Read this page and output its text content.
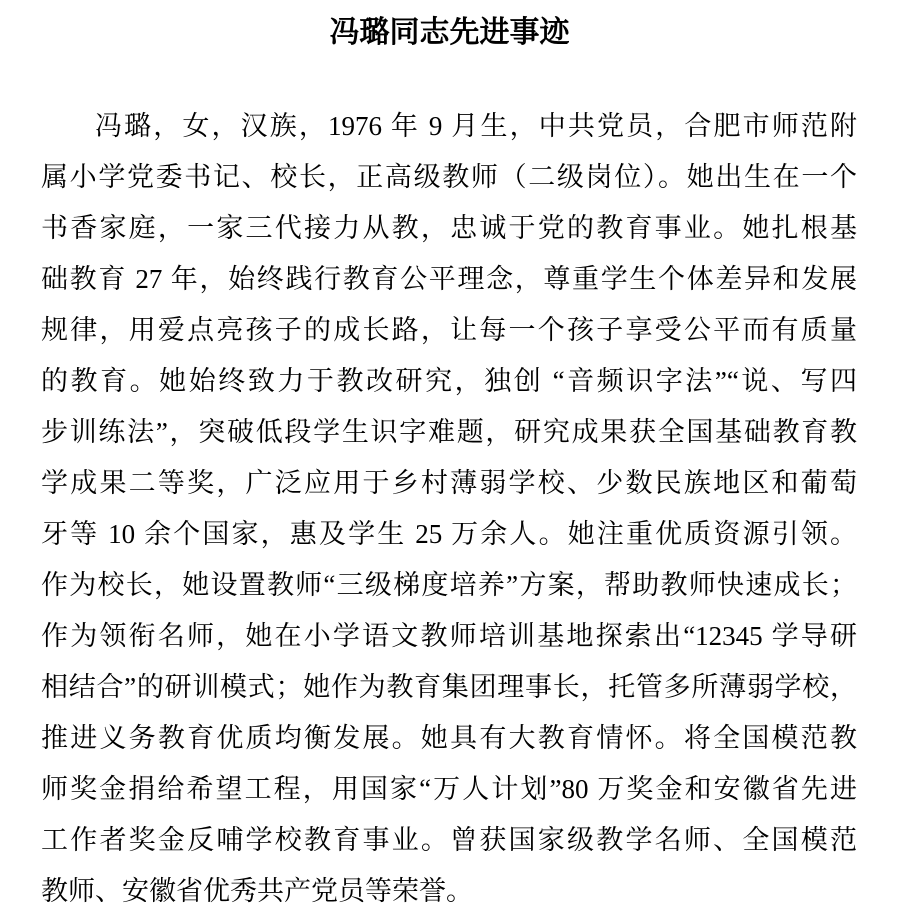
冯璐同志先进事迹
冯璐，女，汉族，1976 年 9 月生，中共党员，合肥市师范附
属小学党委书记、校长，正高级教师（二级岗位）。她出生在一个
书香家庭，一家三代接力从教，忠诚于党的教育事业。她扎根基
础教育 27 年，始终践行教育公平理念，尊重学生个体差异和发展
规律，用爱点亮孩子的成长路，让每一个孩子享受公平而有质量
的教育。她始终致力于教改研究，独创 “音频识字法”“说、写四
步训练法”，突破低段学生识字难题，研究成果获全国基础教育教
学成果二等奖，广泛应用于乡村薄弱学校、少数民族地区和葡萄
牙等 10 余个国家，惠及学生 25 万余人。她注重优质资源引领。
作为校长，她设置教师“三级梯度培养”方案，帮助教师快速成长；
作为领衔名师，她在小学语文教师培训基地探索出“12345 学导研
相结合”的研训模式；她作为教育集团理事长，托管多所薄弱学校，
推进义务教育优质均衡发展。她具有大教育情怀。将全国模范教
师奖金捐给希望工程，用国家“万人计划”80 万奖金和安徽省先进
工作者奖金反哺学校教育事业。曾获国家级教学名师、全国模范
教师、安徽省优秀共产党员等荣誉。
